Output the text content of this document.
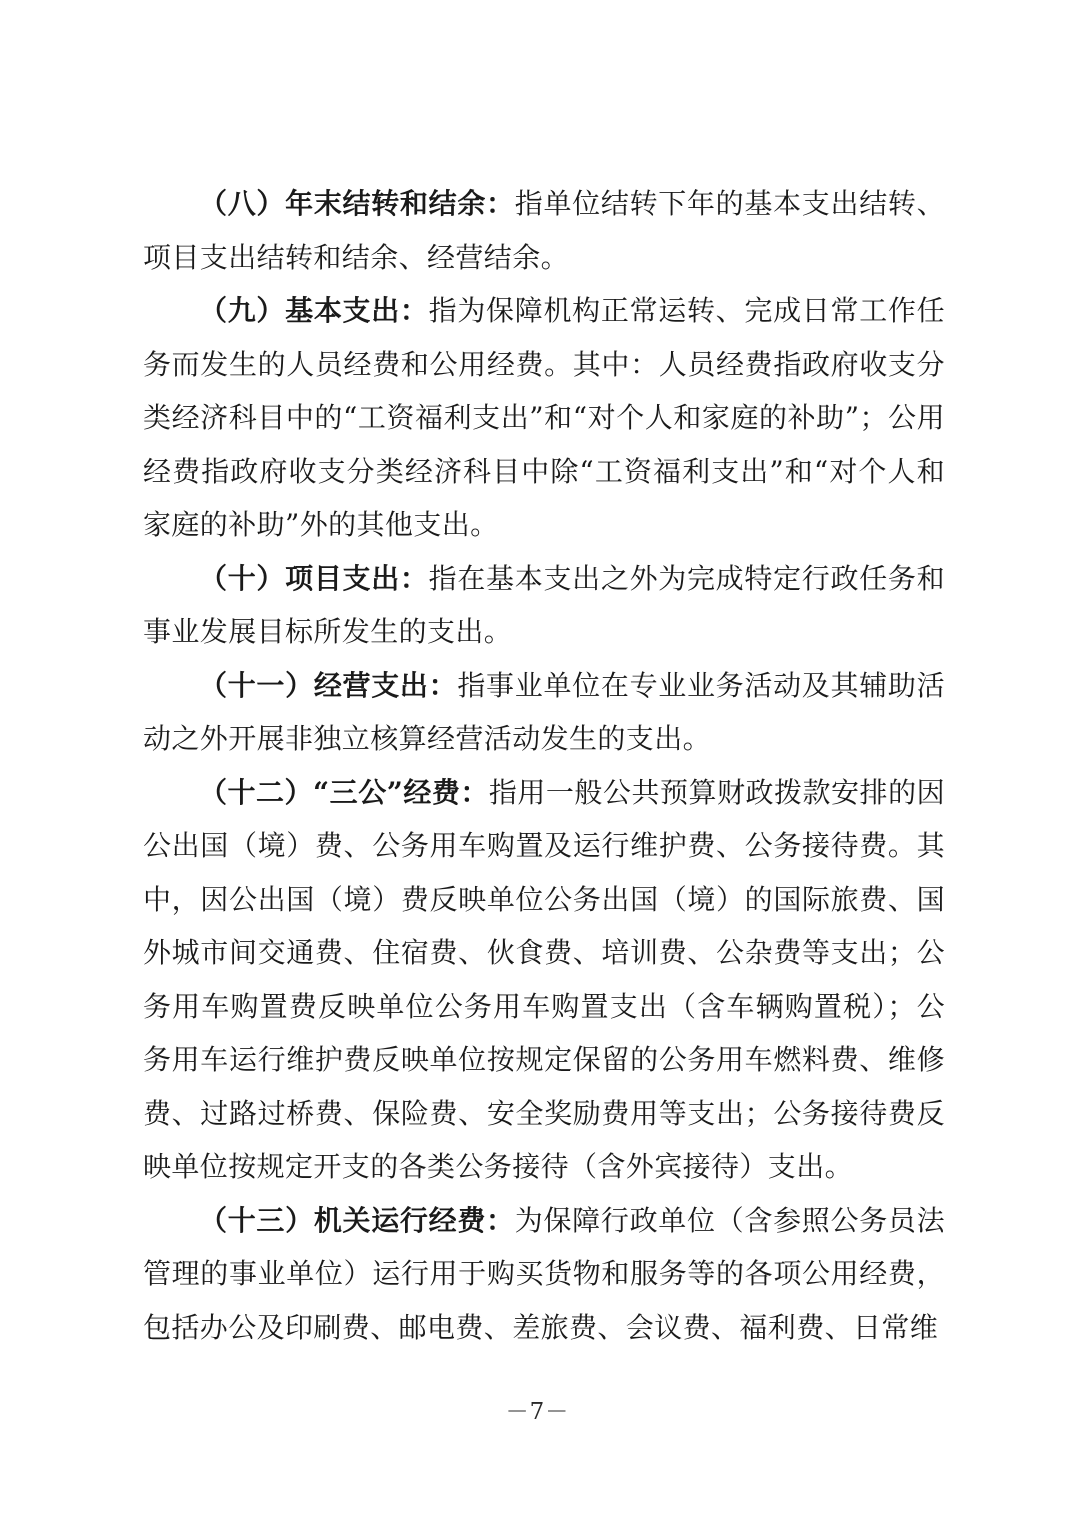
（八）年末结转和结余：指单位结转下年的基本支出结转、项目支出结转和结余、经营结余。

（九）基本支出：指为保障机构正常运转、完成日常工作任务而发生的人员经费和公用经费。其中：人员经费指政府收支分类经济科目中的“工资福利支出”和“对个人和家庭的补助”；公用经费指政府收支分类经济科目中除“工资福利支出”和“对个人和家庭的补助”外的其他支出。

（十）项目支出：指在基本支出之外为完成特定行政任务和事业发展目标所发生的支出。

（十一）经营支出：指事业单位在专业业务活动及其辅助活动之外开展非独立核算经营活动发生的支出。

（十二）“三公”经费：指用一般公共预算财政拨款安排的因公出国（境）费、公务用车购置及运行维护费、公务接待费。其中，因公出国（境）费反映单位公务出国（境）的国际旅费、国外城市间交通费、住宿费、伙食费、培训费、公杂费等支出；公务用车购置费反映单位公务用车购置支出（含车辆购置税）；公务用车运行维护费反映单位按规定保留的公务用车燃料费、维修费、过路过桥费、保险费、安全奖励费用等支出；公务接待费反映单位按规定开支的各类公务接待（含外宾接待）支出。

（十三）机关运行经费：为保障行政单位（含参照公务员法管理的事业单位）运行用于购买货物和服务等的各项公用经费，包括办公及印刷费、邮电费、差旅费、会议费、福利费、日常维

－7－
